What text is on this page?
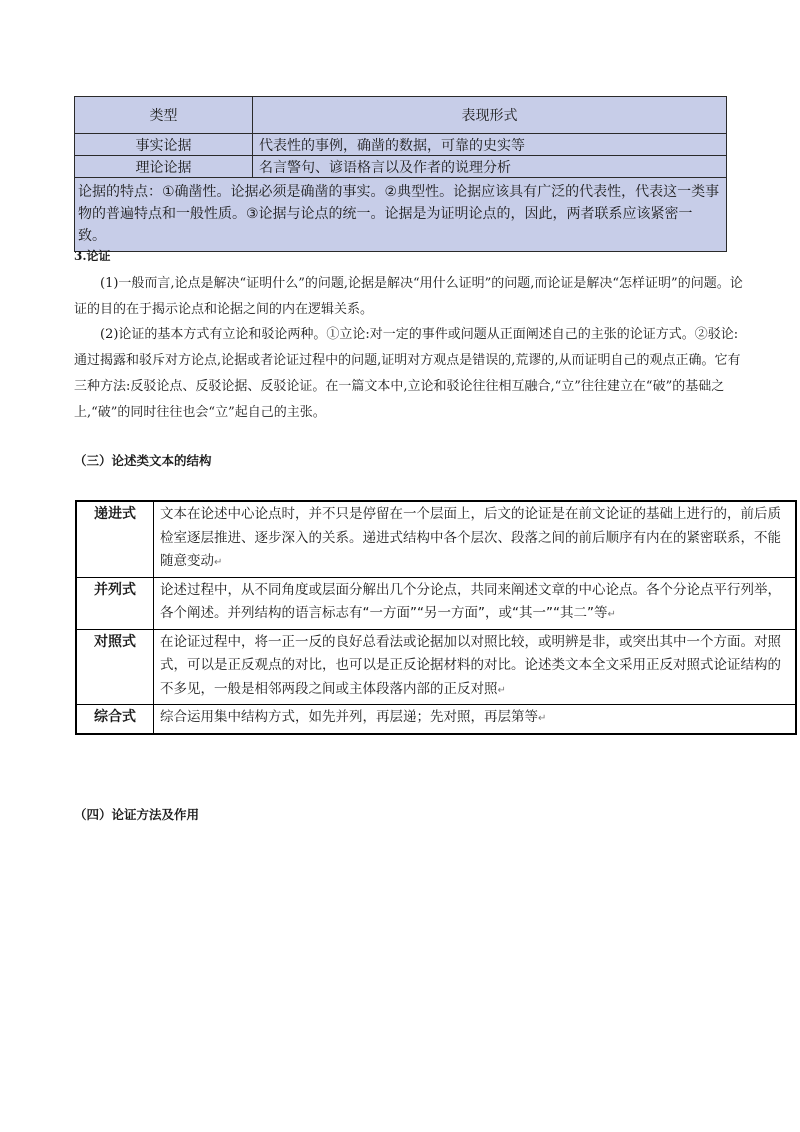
类型	表现形式
事实论据	代表性的事例，确凿的数据，可靠的史实等
理论论据	名言警句、谚语格言以及作者的说理分析
论据的特点：①确凿性。论据必须是确凿的事实。②典型性。论据应该具有广泛的代表性，代表这一类事物的普遍特点和一般性质。③论据与论点的统一。论据是为证明论点的，因此，两者联系应该紧密一致。	
3.论证

(1)一般而言,论点是解决“证明什么”的问题,论据是解决“用什么证明”的问题,而论证是解决“怎样证明”的问题。论证的目的在于揭示论点和论据之间的内在逻辑关系。

(2)论证的基本方式有立论和驳论两种。①立论:对一定的事件或问题从正面阐述自己的主张的论证方式。②驳论:通过揭露和驳斥对方论点,论据或者论证过程中的问题,证明对方观点是错误的,荒谬的,从而证明自己的观点正确。它有三种方法:反驳论点、反驳论据、反驳论证。在一篇文本中,立论和驳论往往相互融合,“立”往往建立在“破”的基础之上,“破”的同时往往也会“立”起自己的主张。

（三）论述类文本的结构
递进式	文本在论述中心论点时，并不只是停留在一个层面上，后文的论证是在前文论证的基础上进行的，前后质检室逐层推进、逐步深入的关系。递进式结构中各个层次、段落之间的前后顺序有内在的紧密联系，不能随意变动↵
并列式	论述过程中，从不同角度或层面分解出几个分论点，共同来阐述文章的中心论点。各个分论点平行列举，各个阐述。并列结构的语言标志有“一方面”“另一方面”，或“其一”“其二”等↵
对照式	在论证过程中，将一正一反的良好总看法或论据加以对照比较，或明辨是非，或突出其中一个方面。对照式，可以是正反观点的对比，也可以是正反论据材料的对比。论述类文本全文采用正反对照式论证结构的不多见，一般是相邻两段之间或主体段落内部的正反对照↵
综合式	综合运用集中结构方式，如先并列，再层递；先对照，再层第等↵
（四）论证方法及作用
